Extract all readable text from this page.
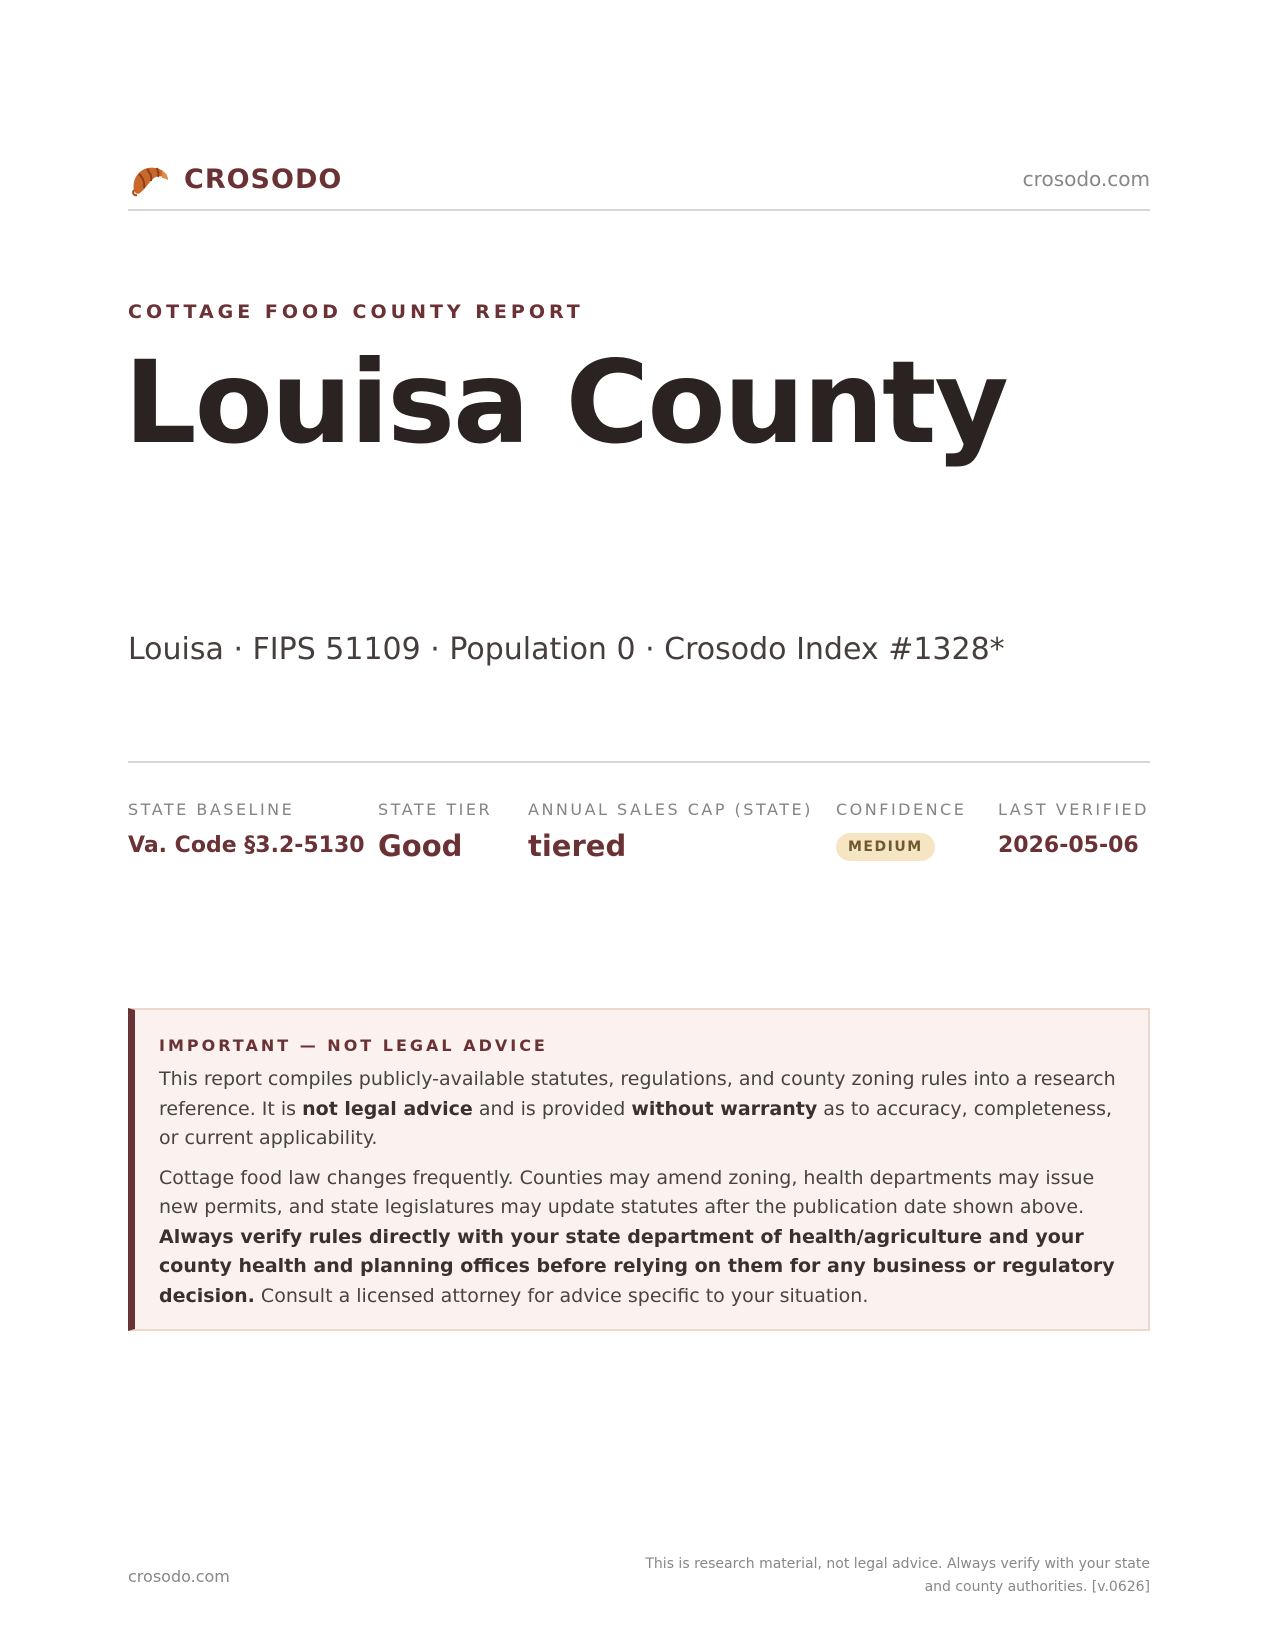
CROSODO	crosodo.com
COTTAGE FOOD COUNTY REPORT
Louisa County
Louisa · FIPS 51109 · Population 0 · Crosodo Index #1328*
STATE BASELINE
Va. Code §3.2-5130
STATE TIER
Good
ANNUAL SALES CAP (STATE)
tiered
CONFIDENCE
MEDIUM
LAST VERIFIED
2026-05-06
IMPORTANT — NOT LEGAL ADVICE

This report compiles publicly-available statutes, regulations, and county zoning rules into a research reference. It is not legal advice and is provided without warranty as to accuracy, completeness, or current applicability.

Cottage food law changes frequently. Counties may amend zoning, health departments may issue new permits, and state legislatures may update statutes after the publication date shown above. Always verify rules directly with your state department of health/agriculture and your county health and planning offices before relying on them for any business or regulatory decision. Consult a licensed attorney for advice specific to your situation.

crosodo.com
This is research material, not legal advice. Always verify with your state
and county authorities. [v.0626]
